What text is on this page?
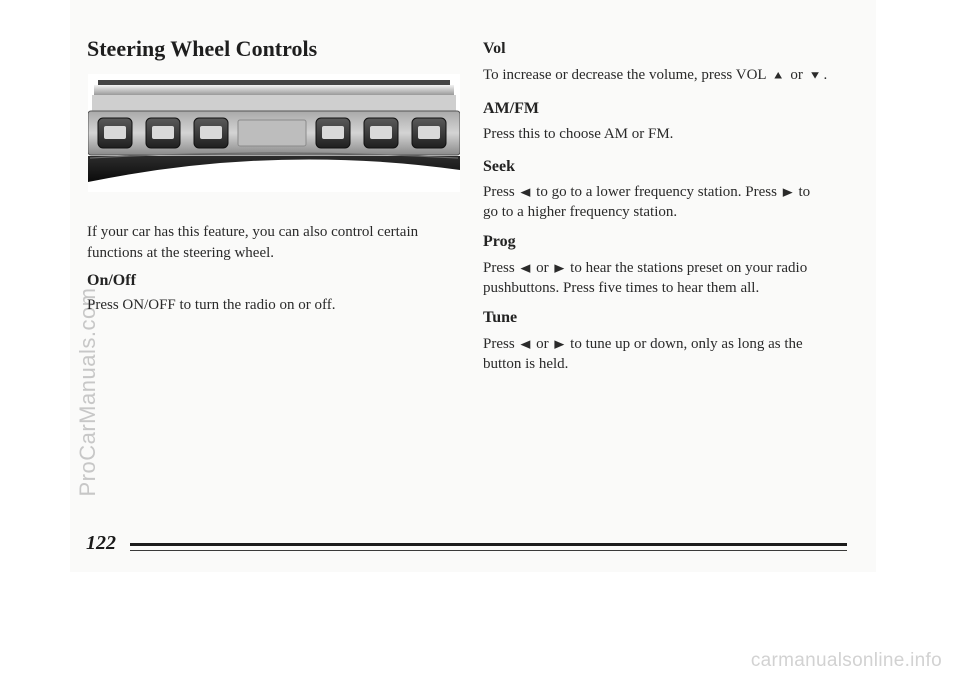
ProCarManuals.com
Steering Wheel Controls

If your car has this feature, you can also control certain

functions at the steering wheel.

On/Off

Press ON/OFF to turn the radio on or off.

Vol

To increase or decrease the volume, press VOL ▲ or ▼ .

AM/FM

Press this to choose AM or FM.

Seek

Press ◀ to go to a lower frequency station. Press ▶ to

go to a higher frequency station.

Prog

Press ◀ or ▶ to hear the stations preset on your radio

pushbuttons. Press five times to hear them all.

Tune

Press ◀ or ▶ to tune up or down, only as long as the

button is held.

122

carmanualsonline.info
